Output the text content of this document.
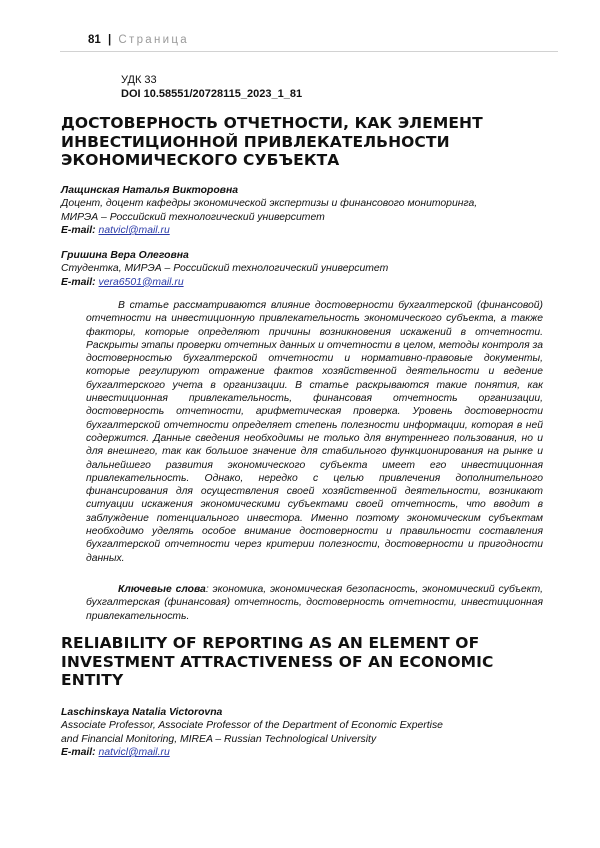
81 | Страница
УДК 33
DOI 10.58551/20728115_2023_1_81
ДОСТОВЕРНОСТЬ ОТЧЕТНОСТИ, КАК ЭЛЕМЕНТ ИНВЕСТИЦИОННОЙ ПРИВЛЕКАТЕЛЬНОСТИ ЭКОНОМИЧЕСКОГО СУБЪЕКТА
Лащинская Наталья Викторовна
Доцент, доцент кафедры экономической экспертизы и финансового мониторинга,
МИРЭА – Российский технологический университет
E-mail: natvicl@mail.ru
Гришина Вера Олеговна
Студентка, МИРЭА – Российский технологический университет
E-mail: vera6501@mail.ru

В статье рассматриваются влияние достоверности бухгалтерской (финансовой) отчетности на инвестиционную привлекательность экономического субъекта, а также факторы, которые определяют причины возникновения искажений в отчетности. Раскрыты этапы проверки отчетных данных и отчетности в целом, методы контроля за достоверностью бухгалтерской отчетности и нормативно-правовые документы, которые регулируют отражение фактов хозяйственной деятельности и ведение бухгалтерского учета в организации. В статье раскрываются такие понятия, как инвестиционная привлекательность, финансовая отчетность организации, достоверность отчетности, арифметическая проверка. Уровень достоверности бухгалтерской отчетности определяет степень полезности информации, которая в ней содержится. Данные сведения необходимы не только для внутреннего пользования, но и для внешнего, так как большое значение для стабильного функционирования на рынке и дальнейшего развития экономического субъекта имеет его инвестиционная привлекательность. Однако, нередко с целью привлечения дополнительного финансирования для осуществления своей хозяйственной деятельности, возникают ситуации искажения экономическими субъектами своей отчетность, что вводит в заблуждение потенциального инвестора. Именно поэтому экономическим субъектам необходимо уделять особое внимание достоверности и правильности составления бухгалтерской отчетности через критерии полезности, достоверности и пригодности данных.

Ключевые слова: экономика, экономическая безопасность, экономический субъект, бухгалтерская (финансовая) отчетность, достоверность отчетности, инвестиционная привлекательность.

RELIABILITY OF REPORTING AS AN ELEMENT OF INVESTMENT ATTRACTIVENESS OF AN ECONOMIC ENTITY
Laschinskaya Natalia Victorovna
Associate Professor, Associate Professor of the Department of Economic Expertise
and Financial Monitoring, MIREA – Russian Technological University
E-mail: natvicl@mail.ru
